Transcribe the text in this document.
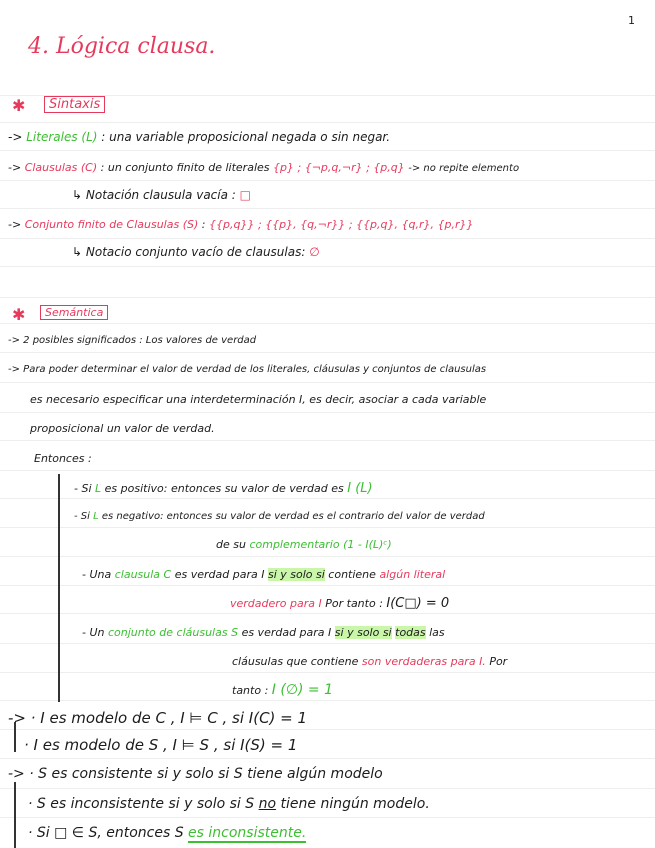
1
4. Lógica clausa.
✱	Sintaxis
-> Literales (L) : una variable proposicional negada o sin negar.
-> Clausulas (C) : un conjunto finito de literales {p} ; {¬p,q,¬r} ; {p,q} -> no repite elemento
↳ Notación clausula vacía : □
-> Conjunto finito de Clausulas (S) : {{p,q}} ; {{p}, {q,¬r}} ; {{p,q}, {q,r}, {p,r}}
↳ Notacio conjunto vacío de clausulas: ∅
✱	Semántica
-> 2 posibles significados : Los valores de verdad
-> Para poder determinar el valor de verdad de los literales, cláusulas y conjuntos de clausulas
es necesario especificar una interdeterminación I, es decir, asociar a cada variable
proposicional un valor de verdad.
Entonces :
- Si L es positivo: entonces su valor de verdad es I (L)
- Si L es negativo: entonces su valor de verdad es el contrario del valor de verdad
de su complementario (1 - I(L)ᶜ)
- Una clausula C es verdad para I si y solo si contiene algún literal
verdadero para I Por tanto : I(C□) = 0
- Un conjunto de cláusulas S es verdad para I si y solo si todas las
cláusulas que contiene son verdaderas para I. Por
tanto : I (∅) = 1
-> · I es modelo de C , I ⊨ C , si I(C) = 1
· I es modelo de S , I ⊨ S , si I(S) = 1
-> · S es consistente si y solo si S tiene algún modelo
· S es inconsistente si y solo si S no tiene ningún modelo.
· Si □ ∈ S, entonces S es inconsistente.
